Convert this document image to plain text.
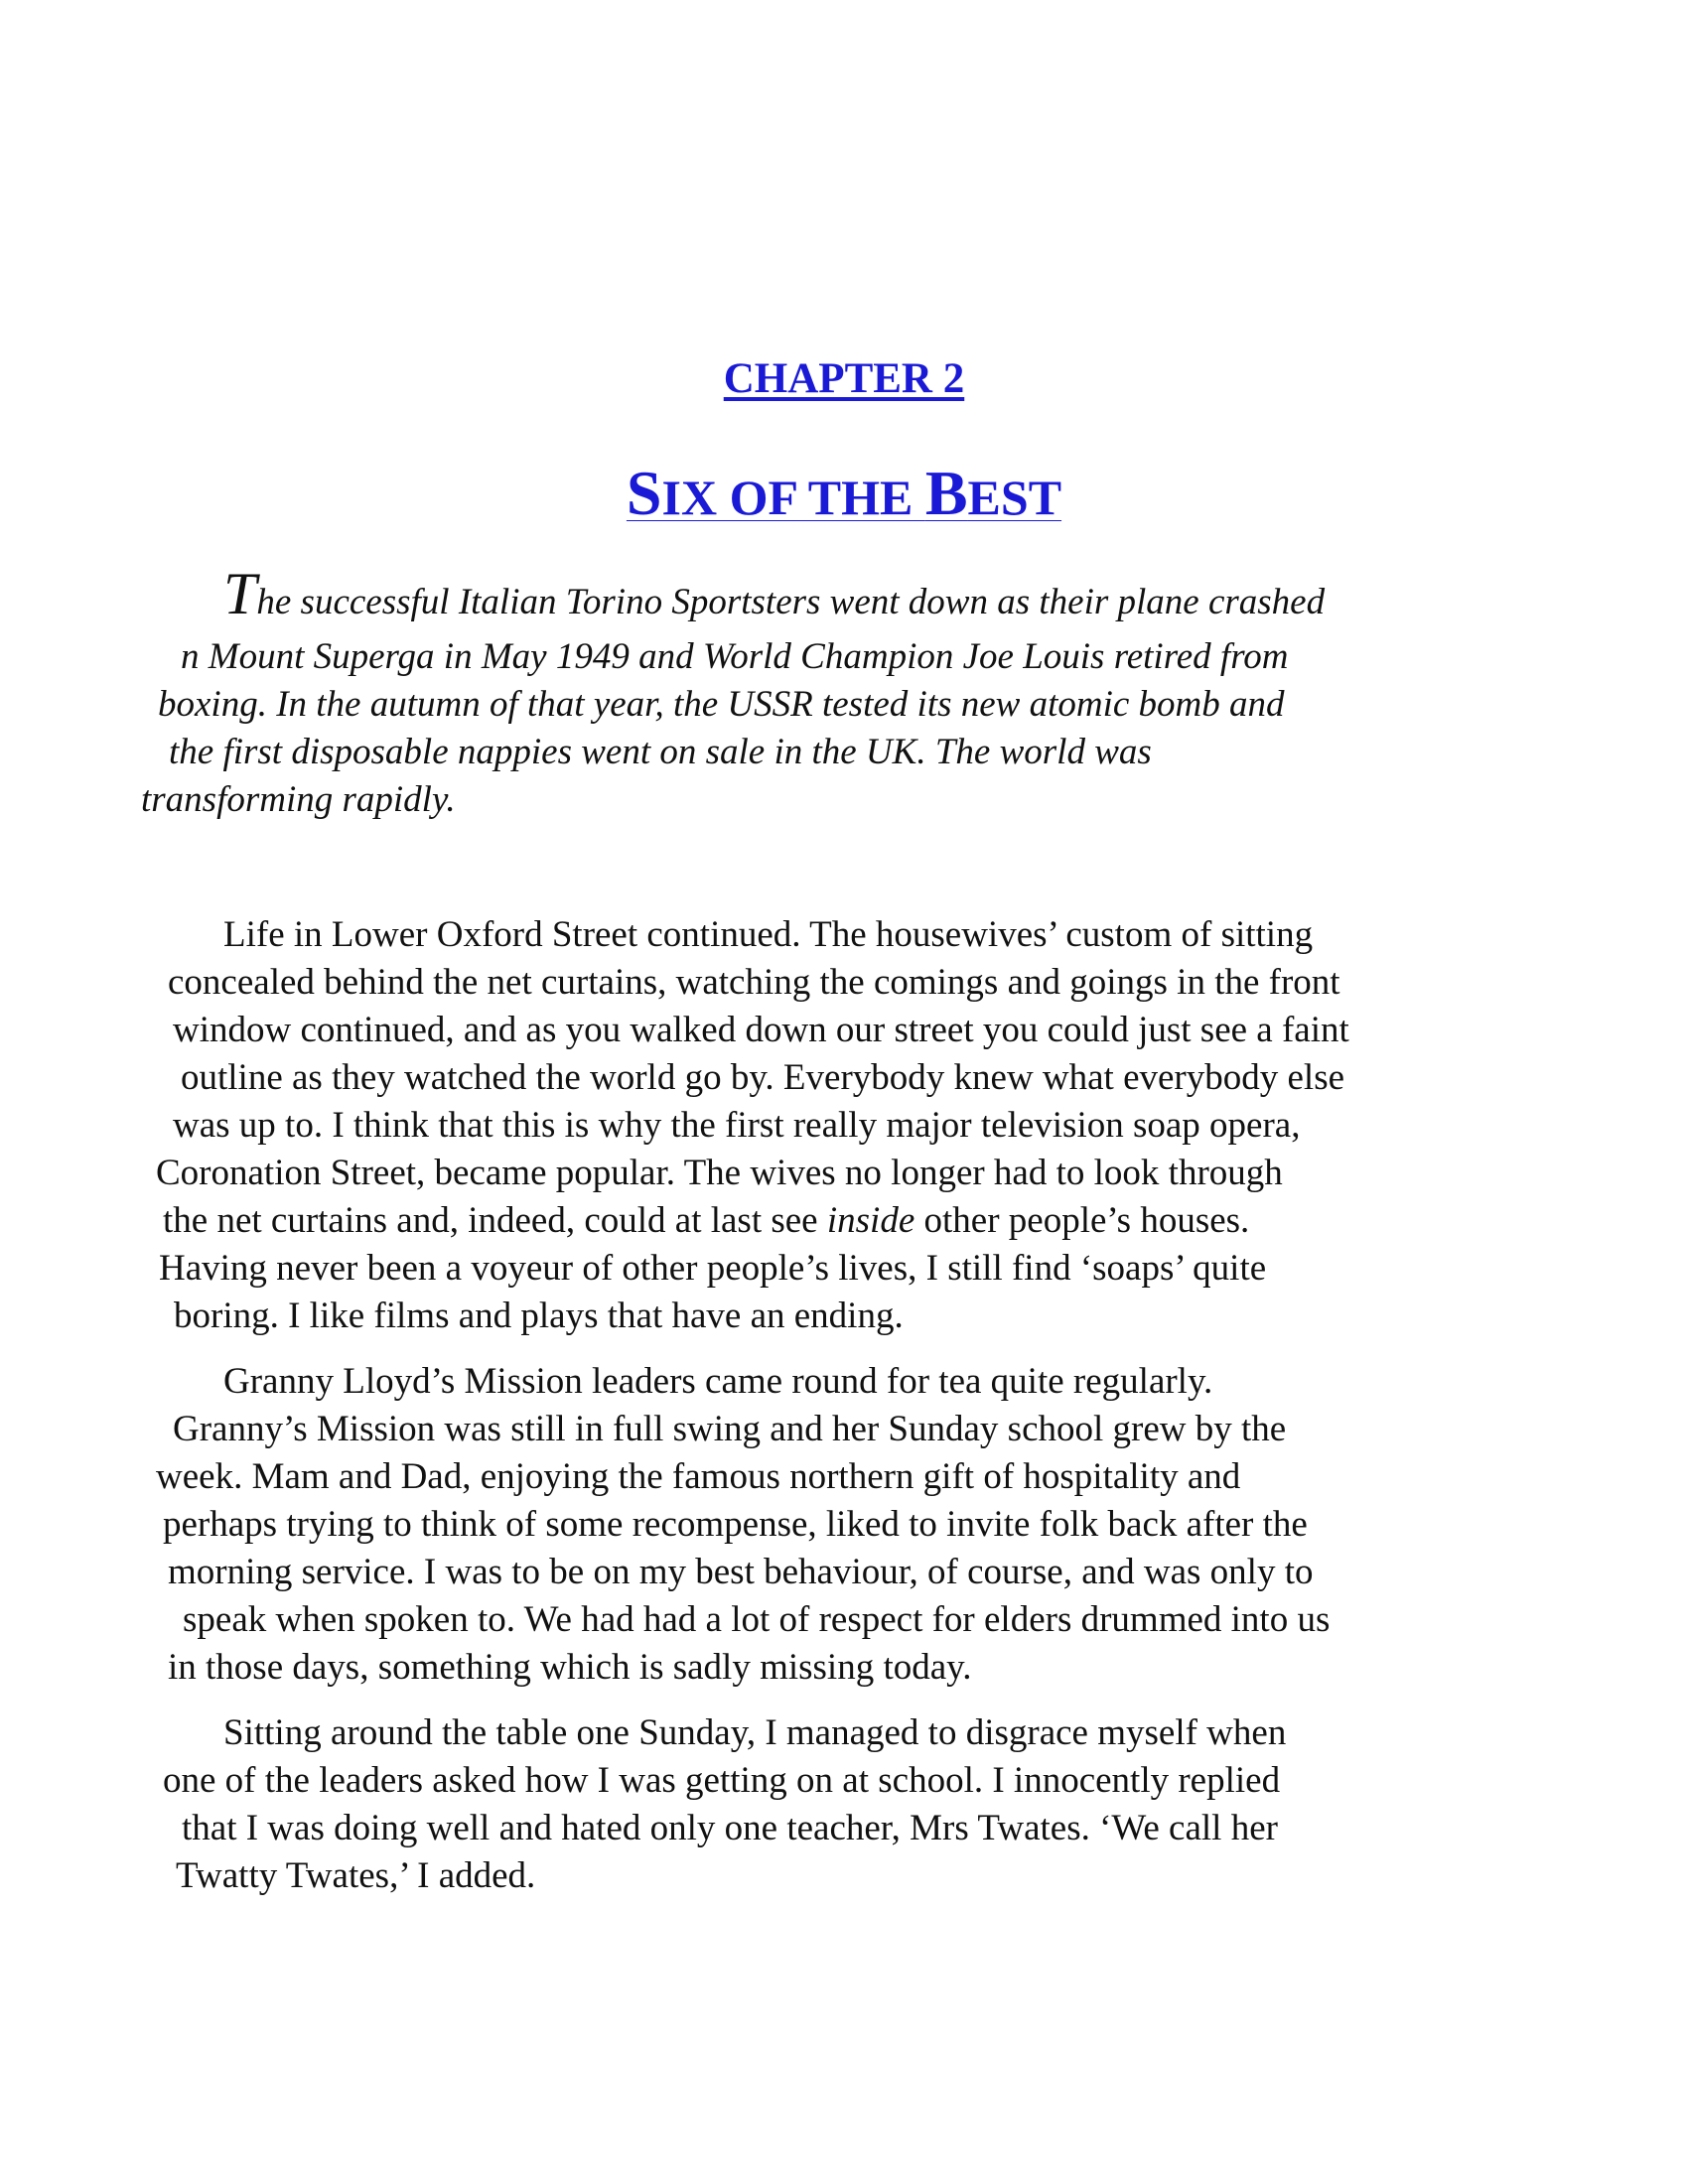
CHAPTER 2
SIX OF THE BEST
The successful Italian Torino Sportsters went down as their plane crashed
n Mount Superga in May 1949 and World Champion Joe Louis retired from
boxing. In the autumn of that year, the USSR tested its new atomic bomb and
the first disposable nappies went on sale in the UK. The world was
transforming rapidly.
Life in Lower Oxford Street continued. The housewives’ custom of sitting
concealed behind the net curtains, watching the comings and goings in the front
window continued, and as you walked down our street you could just see a faint
outline as they watched the world go by. Everybody knew what everybody else
was up to. I think that this is why the first really major television soap opera,
Coronation Street, became popular. The wives no longer had to look through
the net curtains and, indeed, could at last see inside other people’s houses.
Having never been a voyeur of other people’s lives, I still find ‘soaps’ quite
boring. I like films and plays that have an ending.
Granny Lloyd’s Mission leaders came round for tea quite regularly.
Granny’s Mission was still in full swing and her Sunday school grew by the
week. Mam and Dad, enjoying the famous northern gift of hospitality and
perhaps trying to think of some recompense, liked to invite folk back after the
morning service. I was to be on my best behaviour, of course, and was only to
speak when spoken to. We had had a lot of respect for elders drummed into us
in those days, something which is sadly missing today.
Sitting around the table one Sunday, I managed to disgrace myself when
one of the leaders asked how I was getting on at school. I innocently replied
that I was doing well and hated only one teacher, Mrs Twates. ‘We call her
Twatty Twates,’ I added.
